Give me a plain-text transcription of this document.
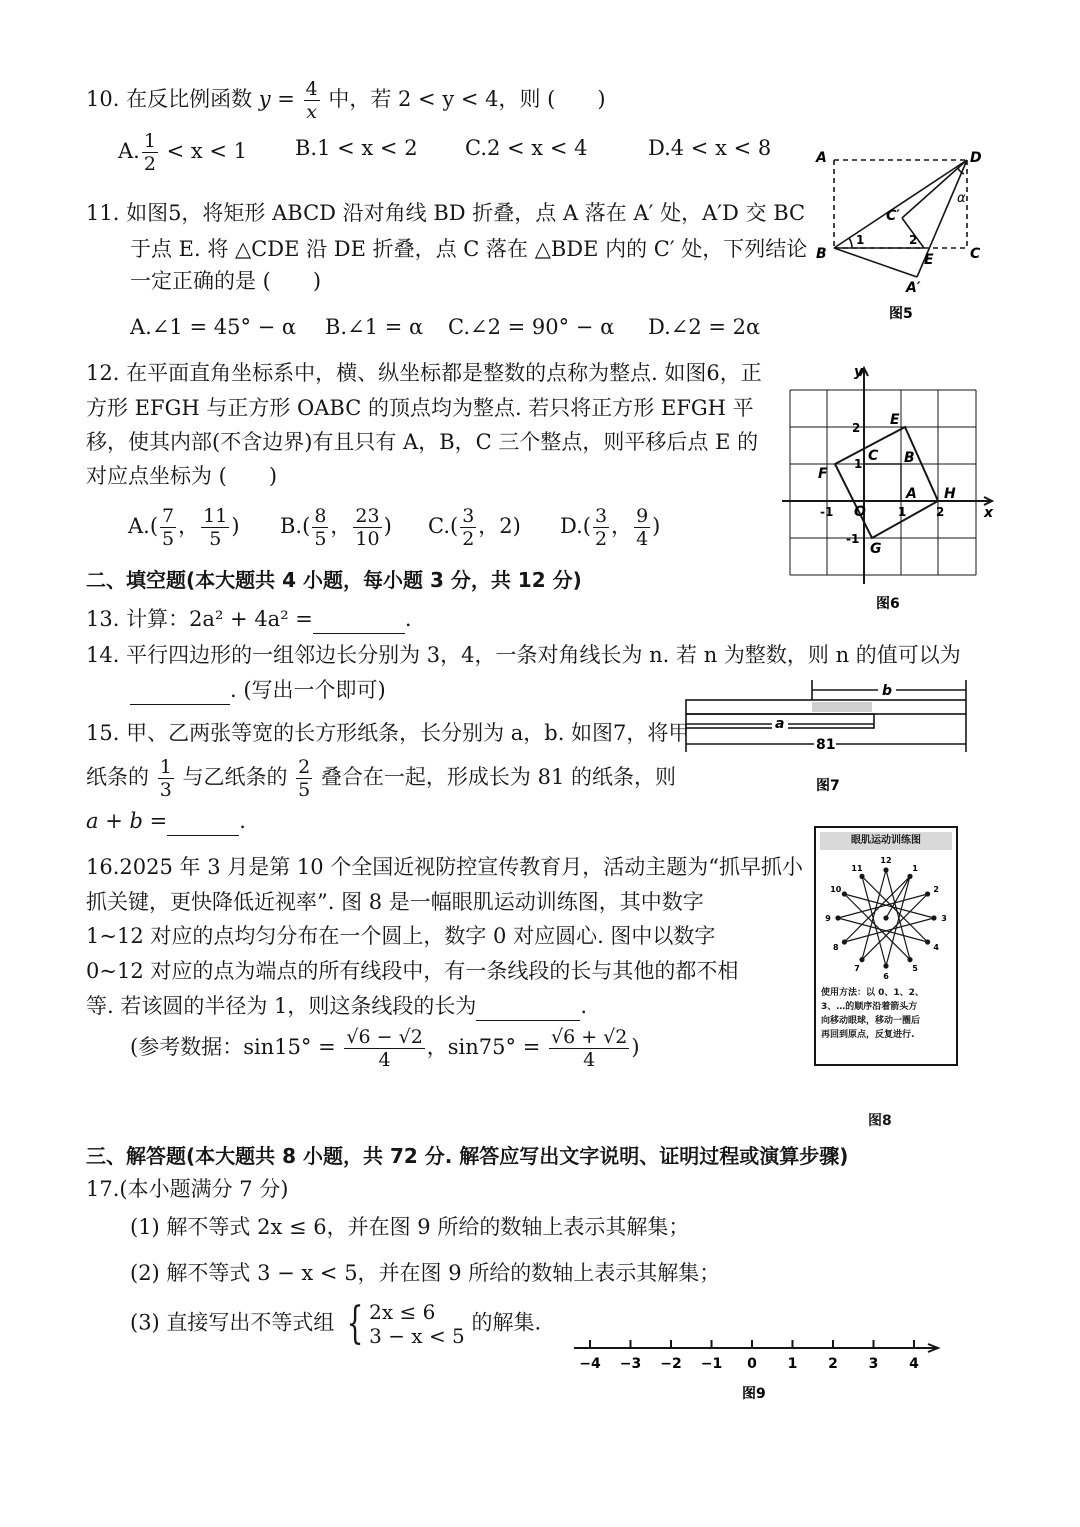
10. 在反比例函数 $y = \frac{4}{x}$ 中，若 2 < y < 4，则 (　　)
A. $\frac{1}{2} < x < 1$ B.1 < x < 2 C.2 < x < 4	D.4 < x < 8
11. 如图5，将矩形 ABCD 沿对角线 BD 折叠，点 A 落在 A′ 处，A′D 交 BC
于点 E. 将 △CDE 沿 DE 折叠，点 C 落在 △BDE 内的 C′ 处，下列结论
一定正确的是 (　　)
A.∠1 = 45° − α B.∠1 = α C.∠2 = 90° − α D.∠2 = 2α
A	D
B	C
E
A′
C′
1	2
α
图5
12. 在平面直角坐标系中，横、纵坐标都是整数的点称为整点. 如图6，正
方形 EFGH 与正方形 OABC 的顶点均为整点. 若只将正方形 EFGH 平
移，使其内部(不含边界)有且只有 A，B，C 三个整点，则平移后点 E 的
对应点坐标为 (　　)
$A.( \frac{7}{5}$ ， $\frac{11}{5}$ ) $B.( \frac{8}{5}$ ， $\frac{23}{10}$ ) $C.( \frac{3}{2}$ ，2) $D.( \frac{3}{2}$ ， $\frac{9}{4}$ )
y
x
E
F
G
H
A
B
C
O
2
1
-1	1 2
-1
图6
二、填空题(本大题共 4 小题，每小题 3 分，共 12 分)
13. 计算：2a² + 4a² =	.
14. 平行四边形的一组邻边长分别为 3，4，一条对角线长为 n. 若 n 为整数，则 n 的值可以为
. (写出一个即可)
15. 甲、乙两张等宽的长方形纸条，长分别为 a，b. 如图7，将甲
纸条的 $\frac{1}{3}$ 与乙纸条的 $\frac{2}{5}$ 叠合在一起，形成长为 81 的纸条，则
a + b =	.
b
a
81
图7
16.2025 年 3 月是第 10 个全国近视防控宣传教育月，活动主题为“抓早抓小
抓关键，更快降低近视率”. 图 8 是一幅眼肌运动训练图，其中数字
1~12 对应的点均匀分布在一个圆上，数字 0 对应圆心. 图中以数字
0~12 对应的点为端点的所有线段中，有一条线段的长与其他的都不相
等. 若该圆的半径为 1，则这条线段的长为	.
(参考数据：$\sin 15^\circ = \frac{√6 - √2}{4}$ ，$\sin 75^\circ = \frac{√6 + √2}{4}$ )
眼肌运动训练图
1
2
3
4
5
6
7
8
9
10
11
12
使用方法：以 0、1、2、
3、…的顺序沿着箭头方
向移动眼球，移动一圈后
再回到原点，反复进行.
图8
三、解答题(本大题共 8 小题，共 72 分. 解答应写出文字说明、证明过程或演算步骤)
17.(本小题满分 7 分)
(1) 解不等式 2x ≤ 6，并在图 9 所给的数轴上表示其解集；
(2) 解不等式 3 − x < 5，并在图 9 所给的数轴上表示其解集；
(3) 直接写出不等式组 { 2x ≤ 6
3 − x < 5
的解集.
−4 −3 −2 −1 0 1 2 3 4
图9
